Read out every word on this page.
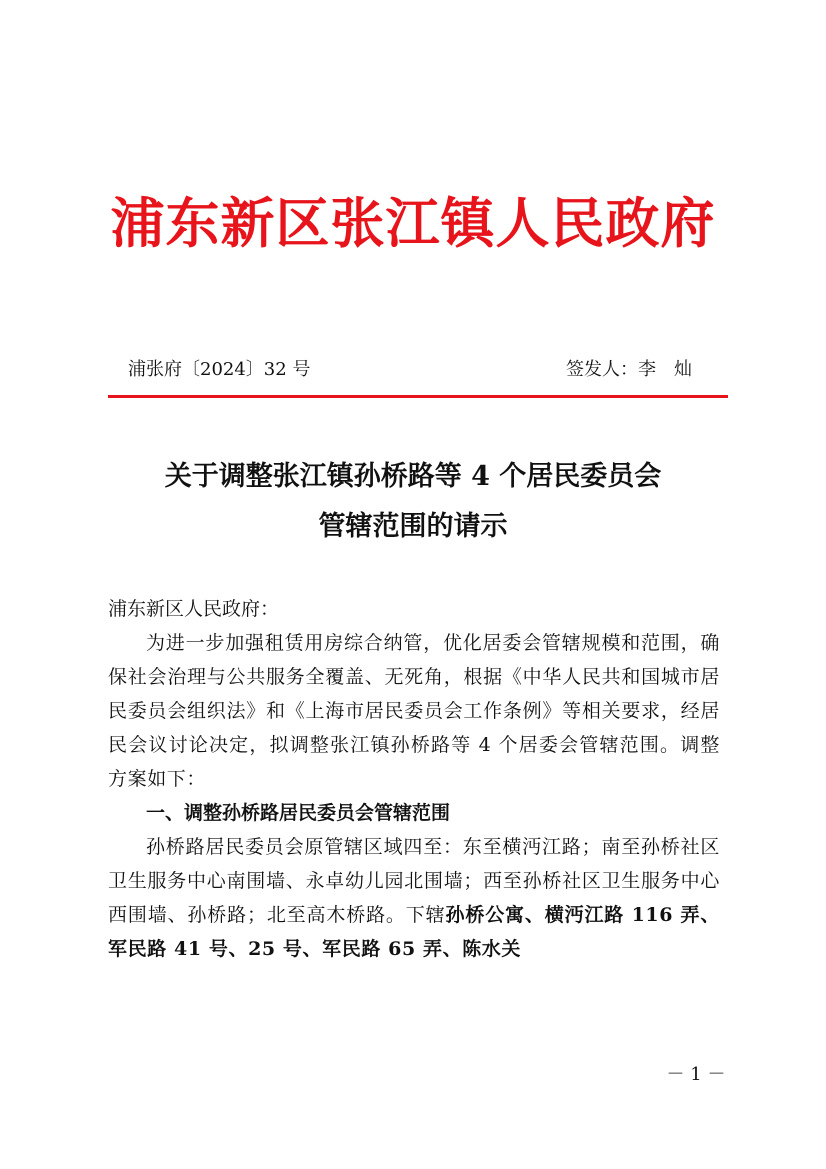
浦东新区张江镇人民政府
浦张府〔2024〕32 号	签发人：李灿
关于调整张江镇孙桥路等 4 个居民委员会
管辖范围的请示

浦东新区人民政府：

为进一步加强租赁用房综合纳管，优化居委会管辖规模和范围，确保社会治理与公共服务全覆盖、无死角，根据《中华人民共和国城市居民委员会组织法》和《上海市居民委员会工作条例》等相关要求，经居民会议讨论决定，拟调整张江镇孙桥路等 4 个居委会管辖范围。调整方案如下：

一、调整孙桥路居民委员会管辖范围

孙桥路居民委员会原管辖区域四至：东至横沔江路；南至孙桥社区卫生服务中心南围墙、永卓幼儿园北围墙；西至孙桥社区卫生服务中心西围墙、孙桥路；北至高木桥路。下辖孙桥公寓、横沔江路 116 弄、军民路 41 号、25 号、军民路 65 弄、陈水关

－ 1 －
